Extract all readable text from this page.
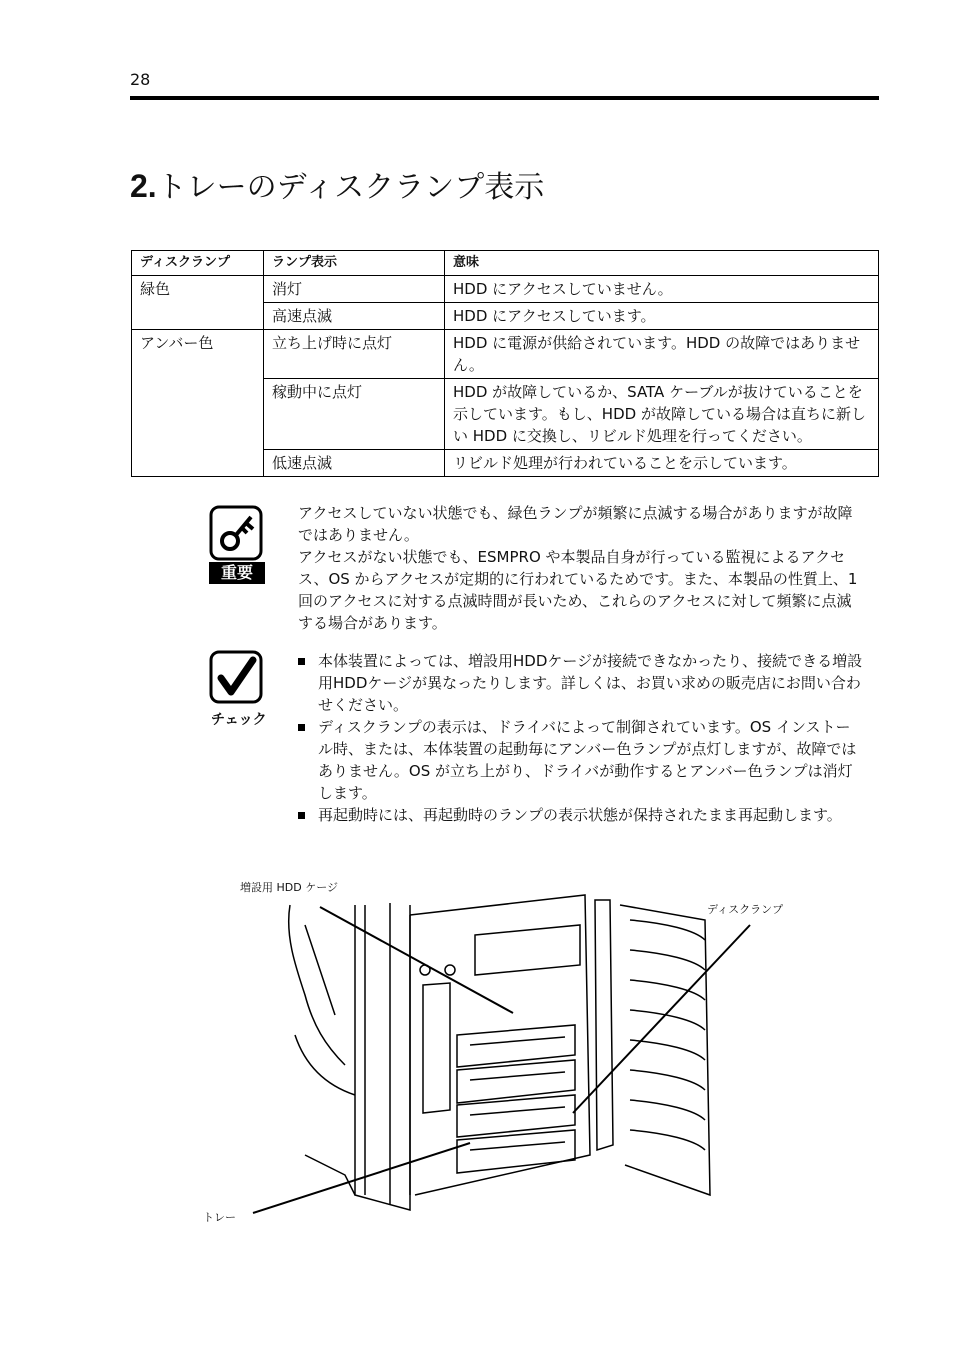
28
2.トレーのディスクランプ表示
ディスクランプ	ランプ表示	意味
緑色	消灯	HDD にアクセスしていません。
	高速点滅	HDD にアクセスしています。
アンバー色	立ち上げ時に点灯	HDD に電源が供給されています。HDD の故障ではありません。
	稼動中に点灯	HDD が故障しているか、SATA ケーブルが抜けていることを示しています。もし、HDD が故障している場合は直ちに新しい HDD に交換し、リビルド処理を行ってください。
	低速点滅	リビルド処理が行われていることを示しています。
重要
アクセスしていない状態でも、緑色ランプが頻繁に点滅する場合がありますが故障ではありません。
アクセスがない状態でも、ESMPRO や本製品自身が行っている監視によるアクセス、OS からアクセスが定期的に行われているためです。また、本製品の性質上、1回のアクセスに対する点滅時間が長いため、これらのアクセスに対して頻繁に点滅する場合があります。
チェック
本体装置によっては、増設用HDDケージが接続できなかったり、接続できる増設用HDDケージが異なったりします。詳しくは、お買い求めの販売店にお問い合わせください。
ディスクランプの表示は、ドライバによって制御されています。OS インストール時、または、本体装置の起動毎にアンバー色ランプが点灯しますが、故障ではありません。OS が立ち上がり、ドライバが動作するとアンバー色ランプは消灯します。
再起動時には、再起動時のランプの表示状態が保持されたまま再起動します。
増設用 HDD ケージ
ディスクランプ
トレー
